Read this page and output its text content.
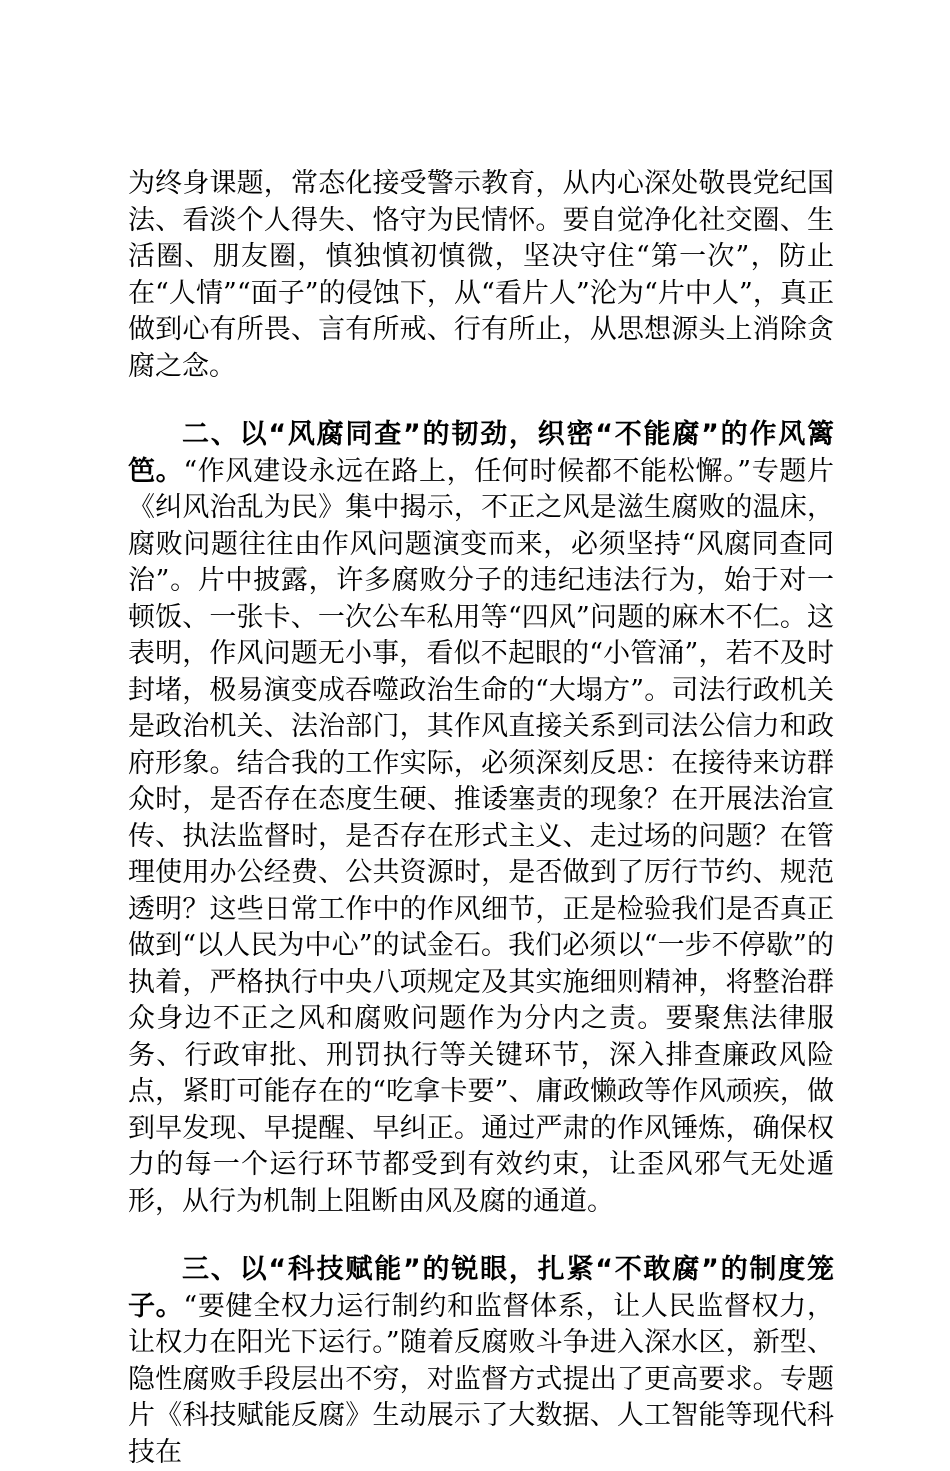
为终身课题，常态化接受警示教育，从内心深处敬畏党纪国法、看淡个人得失、恪守为民情怀。要自觉净化社交圈、生活圈、朋友圈，慎独慎初慎微，坚决守住“第一次”，防止在“人情”“面子”的侵蚀下，从“看片人”沦为“片中人”，真正做到心有所畏、言有所戒、行有所止，从思想源头上消除贪腐之念。

二、以“风腐同查”的韧劲，织密“不能腐”的作风篱笆。“作风建设永远在路上，任何时候都不能松懈。”专题片《纠风治乱为民》集中揭示，不正之风是滋生腐败的温床，腐败问题往往由作风问题演变而来，必须坚持“风腐同查同治”。片中披露，许多腐败分子的违纪违法行为，始于对一顿饭、一张卡、一次公车私用等“四风”问题的麻木不仁。这表明，作风问题无小事，看似不起眼的“小管涌”，若不及时封堵，极易演变成吞噬政治生命的“大塌方”。司法行政机关是政治机关、法治部门，其作风直接关系到司法公信力和政府形象。结合我的工作实际，必须深刻反思：在接待来访群众时，是否存在态度生硬、推诿塞责的现象？在开展法治宣传、执法监督时，是否存在形式主义、走过场的问题？在管理使用办公经费、公共资源时，是否做到了厉行节约、规范透明？这些日常工作中的作风细节，正是检验我们是否真正做到“以人民为中心”的试金石。我们必须以“一步不停歇”的执着，严格执行中央八项规定及其实施细则精神，将整治群众身边不正之风和腐败问题作为分内之责。要聚焦法律服务、行政审批、刑罚执行等关键环节，深入排查廉政风险点，紧盯可能存在的“吃拿卡要”、庸政懒政等作风顽疾，做到早发现、早提醒、早纠正。通过严肃的作风锤炼，确保权力的每一个运行环节都受到有效约束，让歪风邪气无处遁形，从行为机制上阻断由风及腐的通道。

三、以“科技赋能”的锐眼，扎紧“不敢腐”的制度笼子。“要健全权力运行制约和监督体系，让人民监督权力，让权力在阳光下运行。”随着反腐败斗争进入深水区，新型、隐性腐败手段层出不穷，对监督方式提出了更高要求。专题片《科技赋能反腐》生动展示了大数据、人工智能等现代科技在
